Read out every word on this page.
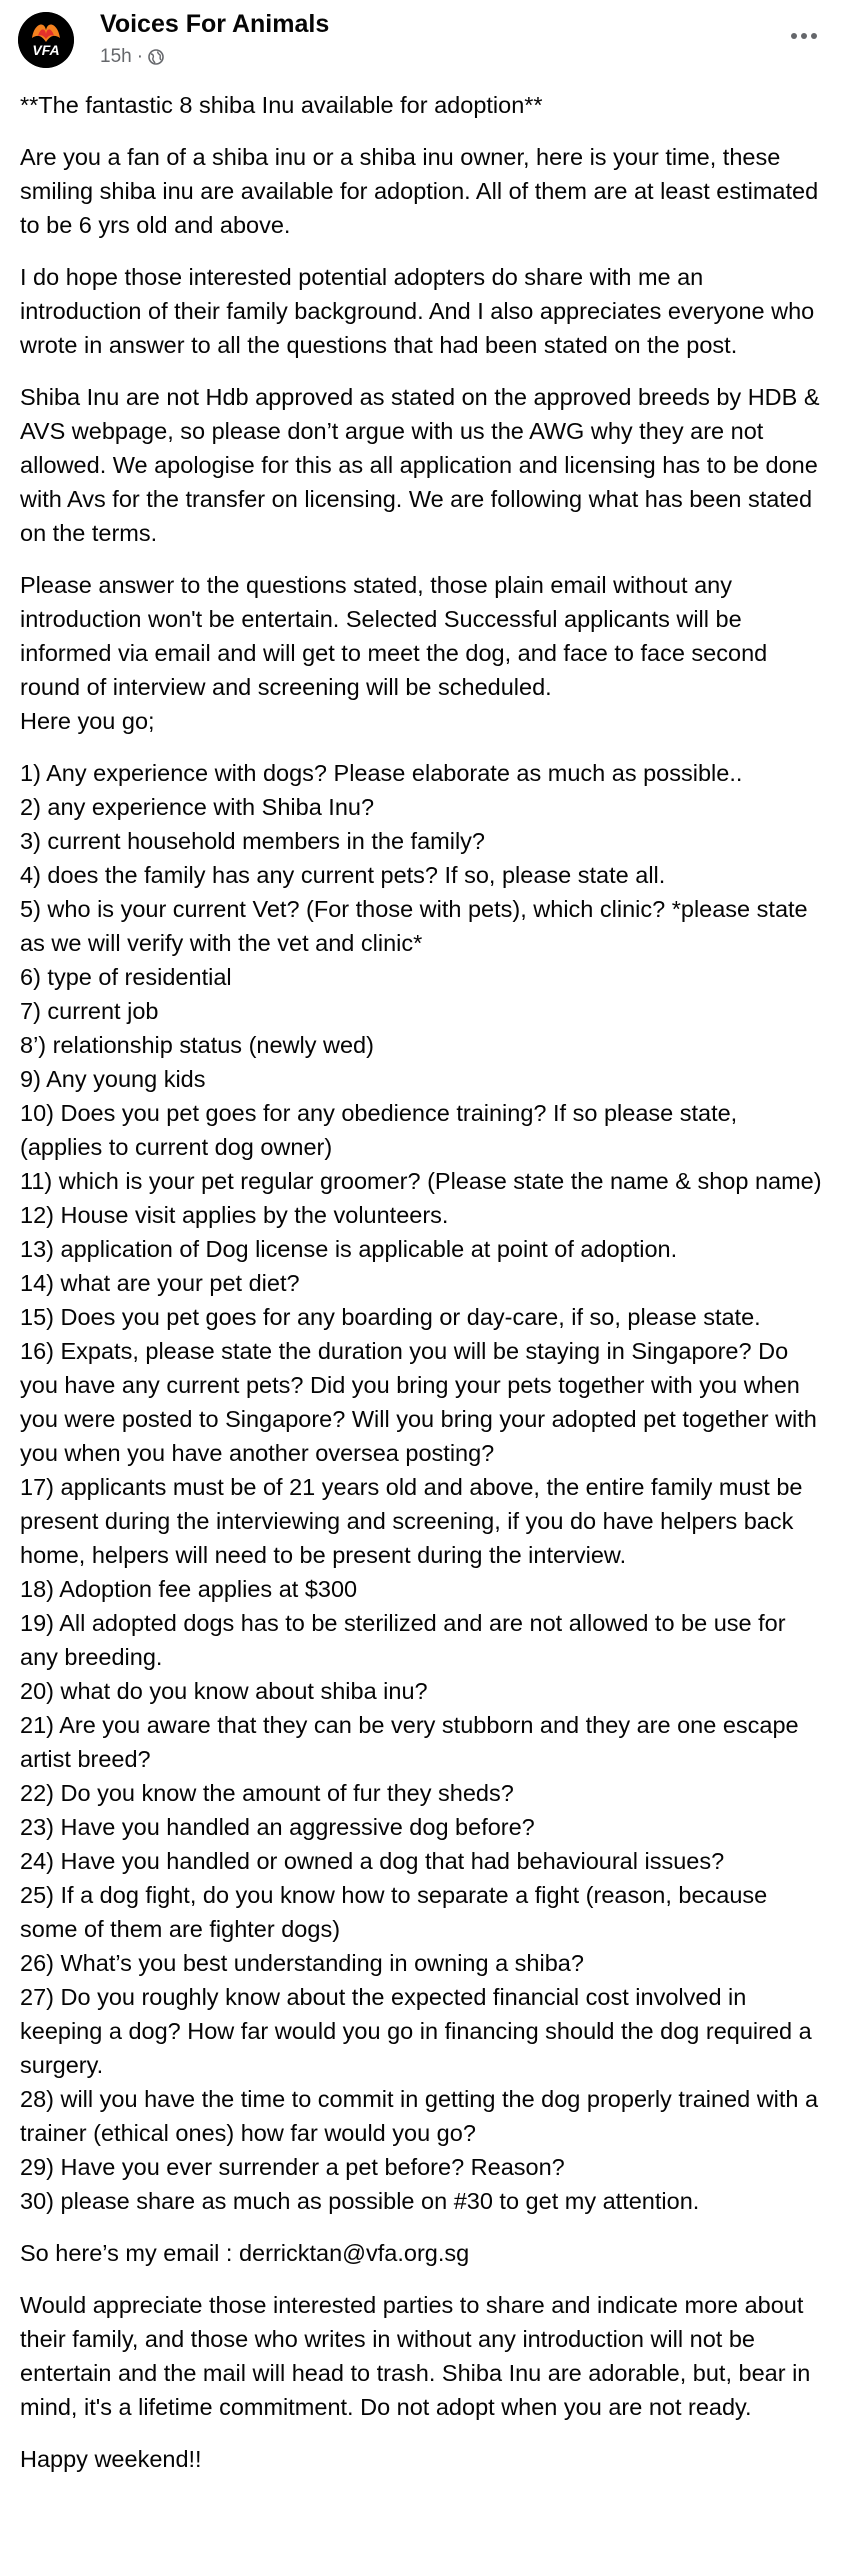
VFA
Voices For Animals
15h ·
**The fantastic 8 shiba Inu available for adoption**
Are you a fan of a shiba inu or a shiba inu owner, here is your time, these smiling shiba inu are available for adoption. All of them are at least estimated to be 6 yrs old and above.
I do hope those interested potential adopters do share with me an introduction of their family background. And I also appreciates everyone who wrote in answer to all the questions that had been stated on the post.
Shiba Inu are not Hdb approved as stated on the approved breeds by HDB & AVS webpage, so please don’t argue with us the AWG why they are not allowed. We apologise for this as all application and licensing has to be done with Avs for the transfer on licensing. We are following what has been stated on the terms.
Please answer to the questions stated, those plain email without any introduction won't be entertain. Selected Successful applicants will be informed via email and will get to meet the dog, and face to face second round of interview and screening will be scheduled.
Here you go;
1) Any experience with dogs? Please elaborate as much as possible..
2) any experience with Shiba Inu?
3) current household members in the family?
4) does the family has any current pets? If so, please state all.
5) who is your current Vet? (For those with pets), which clinic? *please state as we will verify with the vet and clinic*
6) type of residential
7) current job
8’) relationship status (newly wed)
9) Any young kids
10) Does you pet goes for any obedience training? If so please state, (applies to current dog owner)
11) which is your pet regular groomer? (Please state the name & shop name)
12) House visit applies by the volunteers.
13) application of Dog license is applicable at point of adoption.
14) what are your pet diet?
15) Does you pet goes for any boarding or day-care, if so, please state.
16) Expats, please state the duration you will be staying in Singapore? Do you have any current pets? Did you bring your pets together with you when you were posted to Singapore? Will you bring your adopted pet together with you when you have another oversea posting?
17) applicants must be of 21 years old and above, the entire family must be present during the interviewing and screening, if you do have helpers back home, helpers will need to be present during the interview.
18) Adoption fee applies at $300
19) All adopted dogs has to be sterilized and are not allowed to be use for any breeding.
20) what do you know about shiba inu?
21) Are you aware that they can be very stubborn and they are one escape artist breed?
22) Do you know the amount of fur they sheds?
23) Have you handled an aggressive dog before?
24) Have you handled or owned a dog that had behavioural issues?
25) If a dog fight, do you know how to separate a fight (reason, because some of them are fighter dogs)
26) What’s you best understanding in owning a shiba?
27) Do you roughly know about the expected financial cost involved in keeping a dog? How far would you go in financing should the dog required a surgery.
28) will you have the time to commit in getting the dog properly trained with a trainer (ethical ones) how far would you go?
29) Have you ever surrender a pet before? Reason?
30) please share as much as possible on #30 to get my attention.
So here’s my email : derricktan@vfa.org.sg
Would appreciate those interested parties to share and indicate more about their family, and those who writes in without any introduction will not be entertain and the mail will head to trash. Shiba Inu are adorable, but, bear in mind, it's a lifetime commitment. Do not adopt when you are not ready.
Happy weekend!!
